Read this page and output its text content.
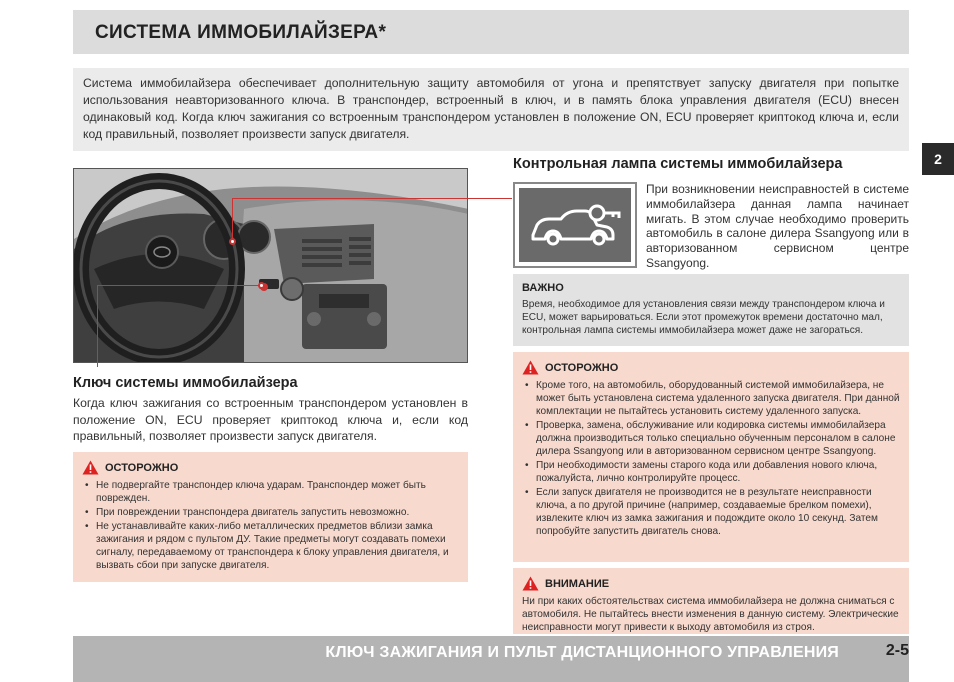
СИСТЕМА ИММОБИЛАЙЗЕРА*
Система иммобилайзера обеспечивает дополнительную защиту автомобиля от угона и препятствует запуску двигателя при попытке использования неавторизованного ключа. В транспондер, встроенный в ключ, и в память блока управления двигателя (ECU) внесен одинаковый код. Когда ключ зажигания со встроенным транспондером установлен в положение ON, ECU проверяет криптокод ключа и, если код правильный, позволяет произвести запуск двигателя.
2
Ключ системы иммобилайзера
Когда ключ зажигания со встроенным транспондером установлен в положение ON, ECU проверяет криптокод ключа и, если код правильный, позволяет произвести запуск двигателя.
ОСТОРОЖНО
• Не подвергайте транспондер ключа ударам. Транспондер может быть поврежден.
• При повреждении транспондера двигатель запустить невозможно.
• Не устанавливайте каких-либо металлических предметов вблизи замка зажигания и рядом с пультом ДУ. Такие предметы могут создавать помехи сигналу, передаваемому от транспондера к блоку управления двигателя, и вызвать сбои при запуске двигателя.
Контрольная лампа системы иммобилайзера
При возникновении неисправностей в системе иммобилайзера данная лампа начинает мигать. В этом случае необходимо проверить автомобиль в салоне дилера Ssangyong или в авторизованном сервисном центре Ssangyong.
ВАЖНО
Время, необходимое для установления связи между транспондером ключа и ECU, может варьироваться. Если этот промежуток времени достаточно мал, контрольная лампа системы иммобилайзера может даже не загораться.
ОСТОРОЖНО
• Кроме того, на автомобиль, оборудованный системой иммобилайзера, не может быть установлена система удаленного запуска двигателя. При данной комплектации не пытайтесь установить систему удаленного запуска.
• Проверка, замена, обслуживание или кодировка системы иммобилайзера должна производиться только специально обученным персоналом в салоне дилера Ssangyong или в авторизованном сервисном центре Ssangyong.
• При необходимости замены старого кода или добавления нового ключа, пожалуйста, лично контролируйте процесс.
• Если запуск двигателя не производится не в результате неисправности ключа, а по другой причине (например, создаваемые брелком помехи), извлеките ключ из замка зажигания и подождите около 10 секунд. Затем попробуйте запустить двигатель снова.
ВНИМАНИЕ
Ни при каких обстоятельствах система иммобилайзера не должна сниматься с автомобиля. Не пытайтесь внести изменения в данную систему. Электрические неисправности могут привести к выходу автомобиля из строя.
КЛЮЧ ЗАЖИГАНИЯ И ПУЛЬТ ДИСТАНЦИОННОГО УПРАВЛЕНИЯ	2-5
